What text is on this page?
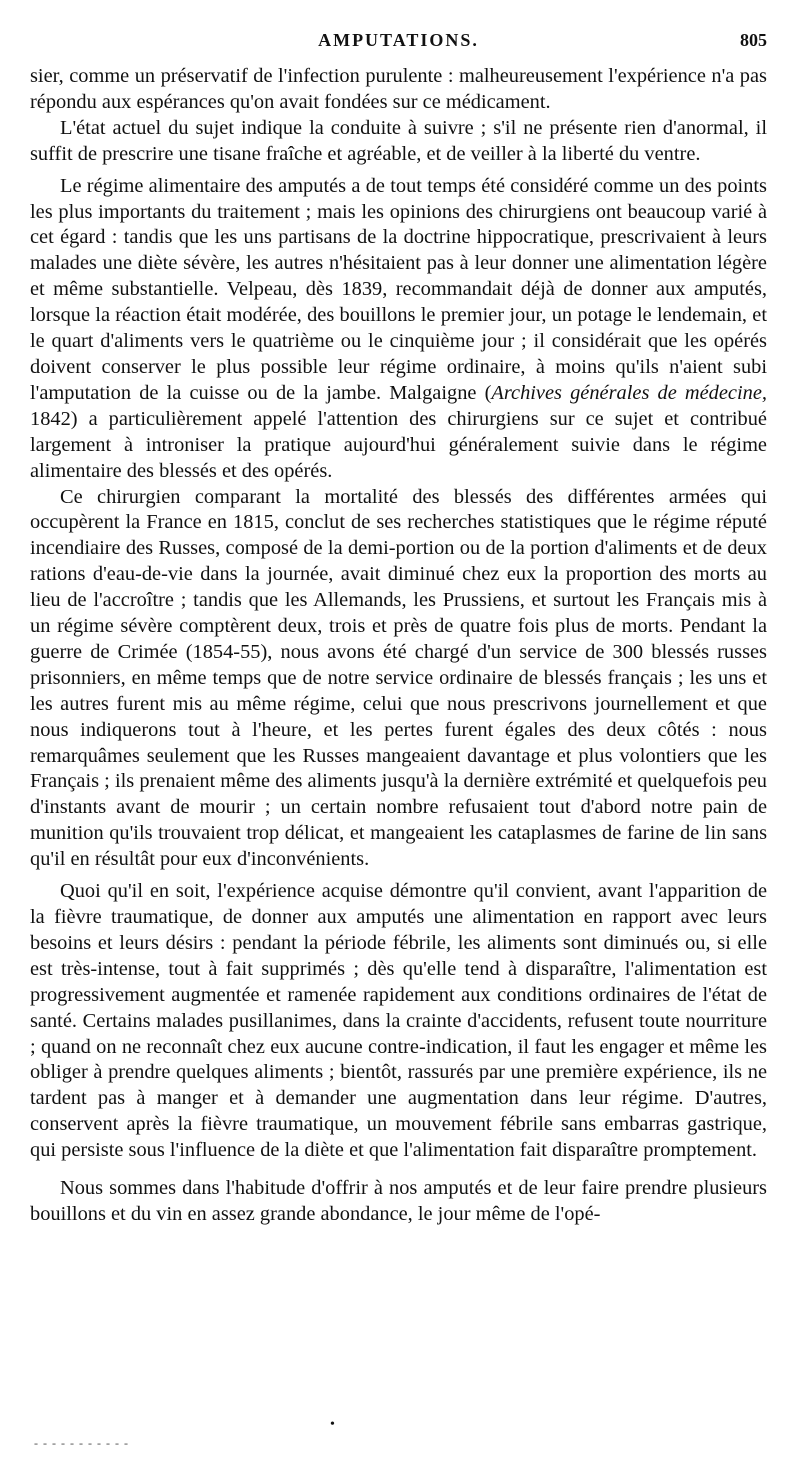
AMPUTATIONS.	805

sier, comme un préservatif de l'infection purulente : malheureusement l'expérience n'a pas répondu aux espérances qu'on avait fondées sur ce médicament.

L'état actuel du sujet indique la conduite à suivre ; s'il ne présente rien d'anormal, il suffit de prescrire une tisane fraîche et agréable, et de veiller à la liberté du ventre.

Le régime alimentaire des amputés a de tout temps été considéré comme un des points les plus importants du traitement ; mais les opinions des chirurgiens ont beaucoup varié à cet égard : tandis que les uns partisans de la doctrine hippocratique, prescrivaient à leurs malades une diète sévère, les autres n'hésitaient pas à leur donner une alimentation légère et même substantielle. Velpeau, dès 1839, recommandait déjà de donner aux amputés, lorsque la réaction était modérée, des bouillons le premier jour, un potage le lendemain, et le quart d'aliments vers le quatrième ou le cinquième jour ; il considérait que les opérés doivent conserver le plus possible leur régime ordinaire, à moins qu'ils n'aient subi l'amputation de la cuisse ou de la jambe. Malgaigne (Archives générales de médecine, 1842) a particulièrement appelé l'attention des chirurgiens sur ce sujet et contribué largement à introniser la pratique aujourd'hui généralement suivie dans le régime alimentaire des blessés et des opérés.

Ce chirurgien comparant la mortalité des blessés des différentes armées qui occupèrent la France en 1815, conclut de ses recherches statistiques que le régime réputé incendiaire des Russes, composé de la demi-portion ou de la portion d'aliments et de deux rations d'eau-de-vie dans la journée, avait diminué chez eux la proportion des morts au lieu de l'accroître ; tandis que les Allemands, les Prussiens, et surtout les Français mis à un régime sévère comptèrent deux, trois et près de quatre fois plus de morts. Pendant la guerre de Crimée (1854-55), nous avons été chargé d'un service de 300 blessés russes prisonniers, en même temps que de notre service ordinaire de blessés français ; les uns et les autres furent mis au même régime, celui que nous prescrivons journellement et que nous indiquerons tout à l'heure, et les pertes furent égales des deux côtés : nous remarquâmes seulement que les Russes mangeaient davantage et plus volontiers que les Français ; ils prenaient même des aliments jusqu'à la dernière extrémité et quelquefois peu d'instants avant de mourir ; un certain nombre refusaient tout d'abord notre pain de munition qu'ils trouvaient trop délicat, et mangeaient les cataplasmes de farine de lin sans qu'il en résultât pour eux d'inconvénients.

Quoi qu'il en soit, l'expérience acquise démontre qu'il convient, avant l'apparition de la fièvre traumatique, de donner aux amputés une alimentation en rapport avec leurs besoins et leurs désirs : pendant la période fébrile, les aliments sont diminués ou, si elle est très-intense, tout à fait supprimés ; dès qu'elle tend à disparaître, l'alimentation est progressivement augmentée et ramenée rapidement aux conditions ordinaires de l'état de santé. Certains malades pusillanimes, dans la crainte d'accidents, refusent toute nourriture ; quand on ne reconnaît chez eux aucune contre-indication, il faut les engager et même les obliger à prendre quelques aliments ; bientôt, rassurés par une première expérience, ils ne tardent pas à manger et à demander une augmentation dans leur régime. D'autres, conservent après la fièvre traumatique, un mouvement fébrile sans embarras gastrique, qui persiste sous l'influence de la diète et que l'alimentation fait disparaître promptement.

Nous sommes dans l'habitude d'offrir à nos amputés et de leur faire prendre plusieurs bouillons et du vin en assez grande abondance, le jour même de l'opé-

•
- - - - - - - - - - -
